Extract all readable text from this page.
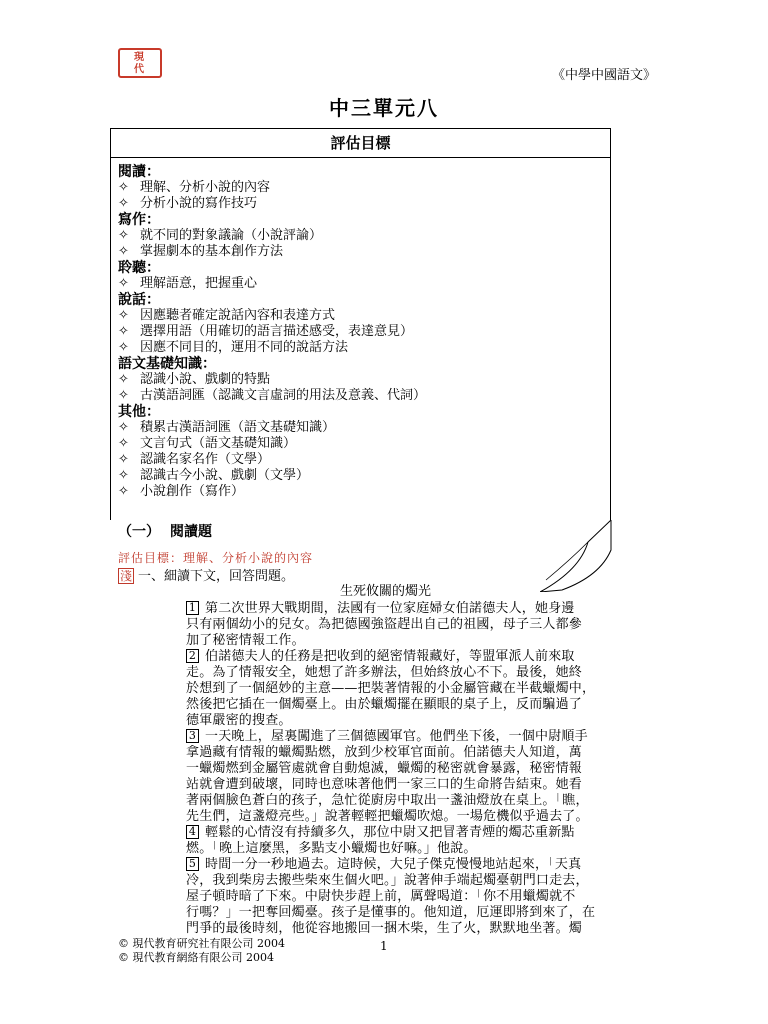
現
代	《中學中國語文》
中三單元八
評估目標
閱讀：
✧ 理解、分析小說的內容
✧ 分析小說的寫作技巧
寫作：
✧ 就不同的對象議論（小說評論）
✧ 掌握劇本的基本創作方法
聆聽：
✧ 理解語意，把握重心
說話：
✧ 因應聽者確定說話內容和表達方式
✧ 選擇用語（用確切的語言描述感受，表達意見）
✧ 因應不同目的，運用不同的說話方法
語文基礎知識：
✧ 認識小說、戲劇的特點
✧ 古漢語詞匯（認識文言虛詞的用法及意義、代詞）
其他：
✧ 積累古漢語詞匯（語文基礎知識）
✧ 文言句式（語文基礎知識）
✧ 認識名家名作（文學）
✧ 認識古今小說、戲劇（文學）
✧ 小說創作（寫作）
（一） 閱讀題
評估目標：理解、分析小說的內容
淺 一、細讀下文，回答問題。
生死攸關的燭光
1 第二次世界大戰期間，法國有一位家庭婦女伯諾德夫人，她身邊
只有兩個幼小的兒女。為把德國強盜趕出自己的祖國，母子三人都參
加了秘密情報工作。
2 伯諾德夫人的任務是把收到的絕密情報藏好，等盟軍派人前來取
走。為了情報安全，她想了許多辦法，但始終放心不下。最後，她終
於想到了一個絕妙的主意——把裝著情報的小金屬管藏在半截蠟燭中，
然後把它插在一個燭臺上。由於蠟燭擺在顯眼的桌子上，反而騙過了
德軍嚴密的搜查。
3 一天晚上，屋裏闖進了三個德國軍官。他們坐下後，一個中尉順手
拿過藏有情報的蠟燭點燃，放到少校軍官面前。伯諾德夫人知道，萬
一蠟燭燃到金屬管處就會自動熄滅，蠟燭的秘密就會暴露，秘密情報
站就會遭到破壞，同時也意味著他們一家三口的生命將告結束。她看
著兩個臉色蒼白的孩子，急忙從廚房中取出一盞油燈放在桌上。「瞧，
先生們，這盞燈亮些。」說著輕輕把蠟燭吹熄。一場危機似乎過去了。
4 輕鬆的心情沒有持續多久，那位中尉又把冒著青煙的燭芯重新點
燃。「晚上這麼黑，多點支小蠟燭也好嘛。」他說。
5 時間一分一秒地過去。這時候，大兒子傑克慢慢地站起來，「天真
冷，我到柴房去搬些柴來生個火吧。」說著伸手端起燭臺朝門口走去，
屋子頓時暗了下來。中尉快步趕上前，厲聲喝道：「你不用蠟燭就不
行嗎？」一把奪回燭臺。孩子是懂事的。他知道，厄運即將到來了，在
門爭的最後時刻，他從容地搬回一捆木柴，生了火，默默地坐著。燭
© 現代教育研究社有限公司 2004
© 現代教育網絡有限公司 2004
1
